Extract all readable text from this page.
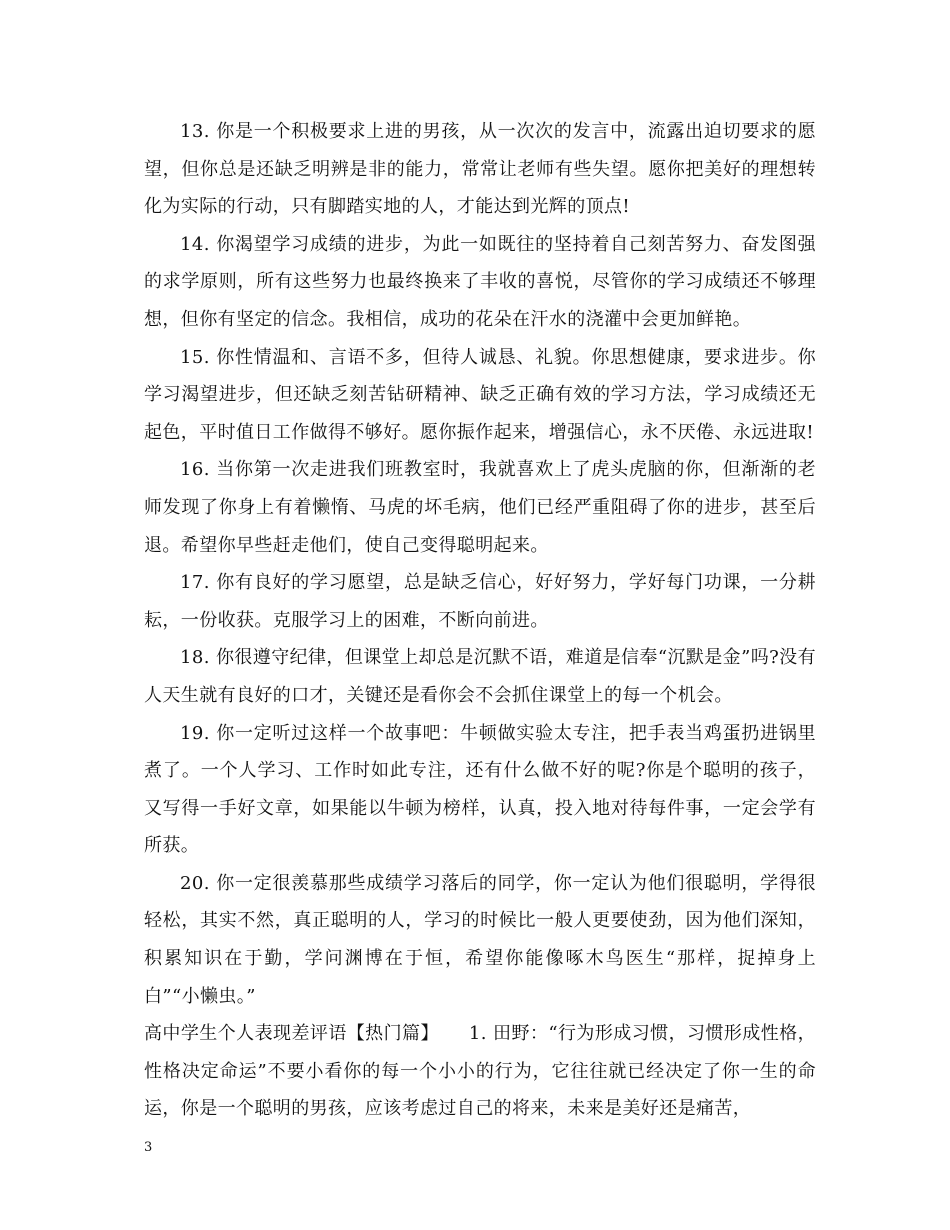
13. 你是一个积极要求上进的男孩，从一次次的发言中，流露出迫切要求的愿望，但你总是还缺乏明辨是非的能力，常常让老师有些失望。愿你把美好的理想转化为实际的行动，只有脚踏实地的人，才能达到光辉的顶点!

14. 你渴望学习成绩的进步，为此一如既往的坚持着自己刻苦努力、奋发图强的求学原则，所有这些努力也最终换来了丰收的喜悦，尽管你的学习成绩还不够理想，但你有坚定的信念。我相信，成功的花朵在汗水的浇灌中会更加鲜艳。

15. 你性情温和、言语不多，但待人诚恳、礼貌。你思想健康，要求进步。你学习渴望进步，但还缺乏刻苦钻研精神、缺乏正确有效的学习方法，学习成绩还无起色，平时值日工作做得不够好。愿你振作起来，增强信心，永不厌倦、永远进取!

16. 当你第一次走进我们班教室时，我就喜欢上了虎头虎脑的你，但渐渐的老师发现了你身上有着懒惰、马虎的坏毛病，他们已经严重阻碍了你的进步，甚至后退。希望你早些赶走他们，使自己变得聪明起来。

17. 你有良好的学习愿望，总是缺乏信心，好好努力，学好每门功课，一分耕耘，一份收获。克服学习上的困难，不断向前进。

18. 你很遵守纪律，但课堂上却总是沉默不语，难道是信奉“沉默是金”吗?没有人天生就有良好的口才，关键还是看你会不会抓住课堂上的每一个机会。

19. 你一定听过这样一个故事吧：牛顿做实验太专注，把手表当鸡蛋扔进锅里煮了。一个人学习、工作时如此专注，还有什么做不好的呢?你是个聪明的孩子，又写得一手好文章，如果能以牛顿为榜样，认真，投入地对待每件事，一定会学有所获。

20. 你一定很羡慕那些成绩学习落后的同学，你一定认为他们很聪明，学得很轻松，其实不然，真正聪明的人，学习的时候比一般人更要使劲，因为他们深知，积累知识在于勤，学问渊博在于恒，希望你能像啄木鸟医生“那样，捉掉身上白”“小懒虫。”

高中学生个人表现差评语【热门篇】 1. 田野：“行为形成习惯，习惯形成性格，性格决定命运”不要小看你的每一个小小的行为，它往往就已经决定了你一生的命运，你是一个聪明的男孩，应该考虑过自己的将来，未来是美好还是痛苦，

3
